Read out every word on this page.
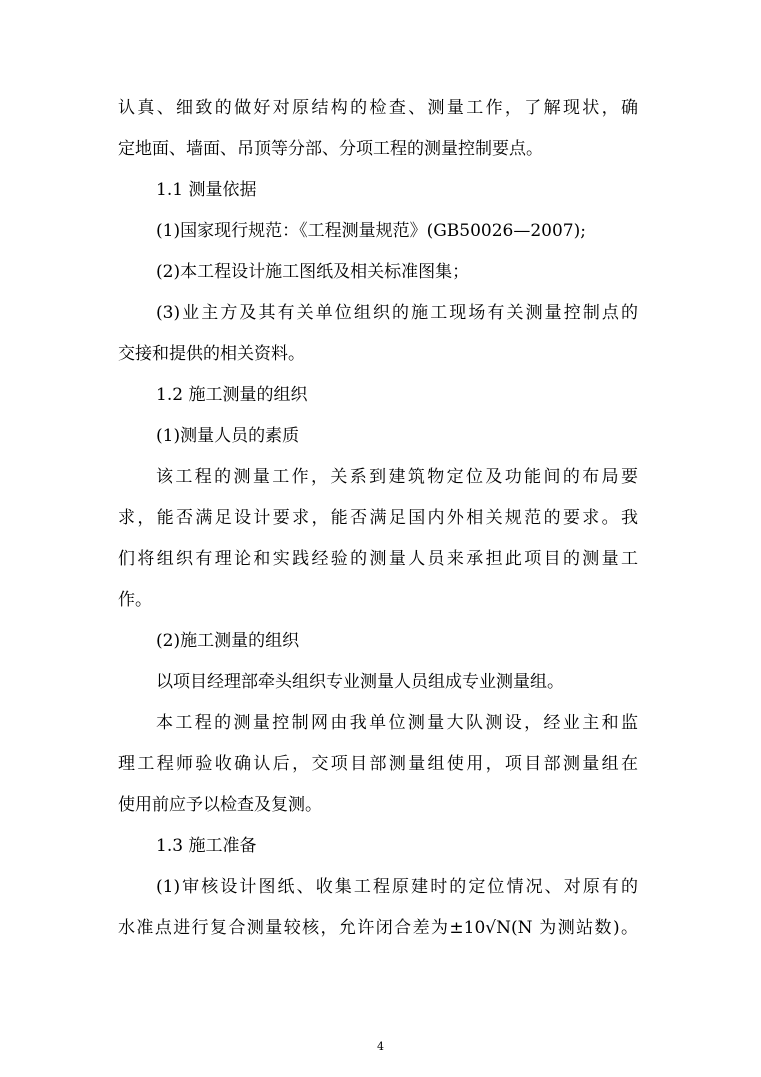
认真、细致的做好对原结构的检查、测量工作，了解现状，确
定地面、墙面、吊顶等分部、分项工程的测量控制要点。
1.1 测量依据
(1)国家现行规范：《工程测量规范》(GB50026—2007);
(2)本工程设计施工图纸及相关标准图集；
(3)业主方及其有关单位组织的施工现场有关测量控制点的
交接和提供的相关资料。
1.2 施工测量的组织
(1)测量人员的素质
该工程的测量工作，关系到建筑物定位及功能间的布局要
求，能否满足设计要求，能否满足国内外相关规范的要求。我
们将组织有理论和实践经验的测量人员来承担此项目的测量工
作。
(2)施工测量的组织
以项目经理部牵头组织专业测量人员组成专业测量组。
本工程的测量控制网由我单位测量大队测设，经业主和监
理工程师验收确认后，交项目部测量组使用，项目部测量组在
使用前应予以检查及复测。
1.3 施工准备
(1)审核设计图纸、收集工程原建时的定位情况、对原有的
水准点进行复合测量较核，允许闭合差为±10√N(N 为测站数)。
4
